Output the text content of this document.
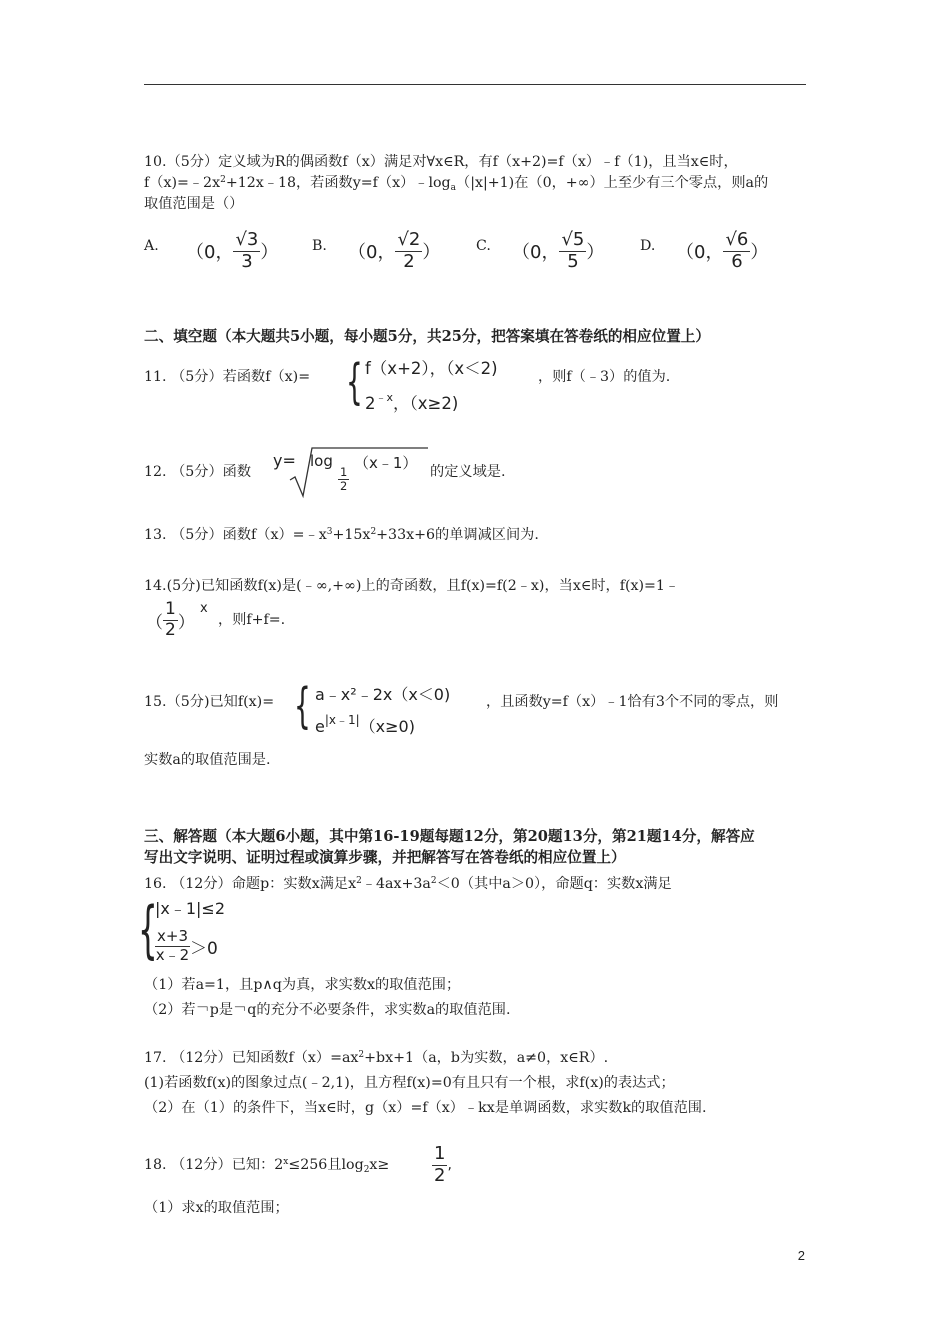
10.（5分）定义域为R的偶函数f（x）满足对∀x∈R，有f（x+2)=f（x）﹣f（1)，且当x∈时，
$f(x)=﹣2x^2+12x﹣18$，若函数$y=f(x)﹣\log_a(|x|+1)$在（0，+∞）上至少有三个零点，则a的
取值范围是（）
A. （0， $\frac{√3}{3}$ ） B. （0， $\frac{√2}{2}$ ）	C. （0， $\frac{√5}{5}$ ）	D. （0， $\frac{√6}{6}$ ）
二、填空题（本大题共5小题，每小题5分，共25分，把答案填在答卷纸的相应位置上）
11. （5分）若函数f（x)= { f（x+2），（x＜2)
$2^{﹣x}$，（x≥2)
，则f（﹣3）的值为.
12. （5分）函数
y= log
$\frac{1}{2}$
（x﹣1） 的定义域是.
13. （5分）函数$f(x)=﹣x^3+15x^2+33x+6$的单调减区间为.
14.(5分)已知函数f(x)是(﹣∞,+∞)上的奇函数，且f(x)=f(2﹣x)，当x∈时，f(x)=1﹣
（ $\frac{1}{2}$ ）
x
，则f+f=.
15.（5分)已知f(x)= { a﹣x²﹣2x（x＜0)
$e^{|x﹣1|}(x\ge 0)$
，且函数y=f（x）﹣1恰有3个不同的零点，则
实数a的取值范围是.
三、解答题（本大题6小题，其中第16-19题每题12分，第20题13分，第21题14分，解答应
写出文字说明、证明过程或演算步骤，并把解答写在答卷纸的相应位置上）
16. （12分）命题p：实数x满足$x^2﹣4ax+3a^2<0$（其中a＞0），命题q：实数x满足
{
|x﹣1|≤2
$\frac{x+3}{x﹣2} >0$
（1）若a=1，且p∧q为真，求实数x的取值范围；
（2）若￢p是￢q的充分不必要条件，求实数a的取值范围.
17. （12分）已知函数$f(x)=ax^2+bx+1(a$，b为实数，a≠0，x∈R）.
(1)若函数f(x)的图象过点(﹣2,1)，且方程f(x)=0有且只有一个根，求f(x)的表达式；
（2）在（1）的条件下，当x∈时，g（x）=f（x）﹣kx是单调函数，求实数k的取值范围.
18. （12分）已知：$2^x\le 256$且$\log_2x\ge \frac{1}{2}$ ,
（1）求x的取值范围；
2
